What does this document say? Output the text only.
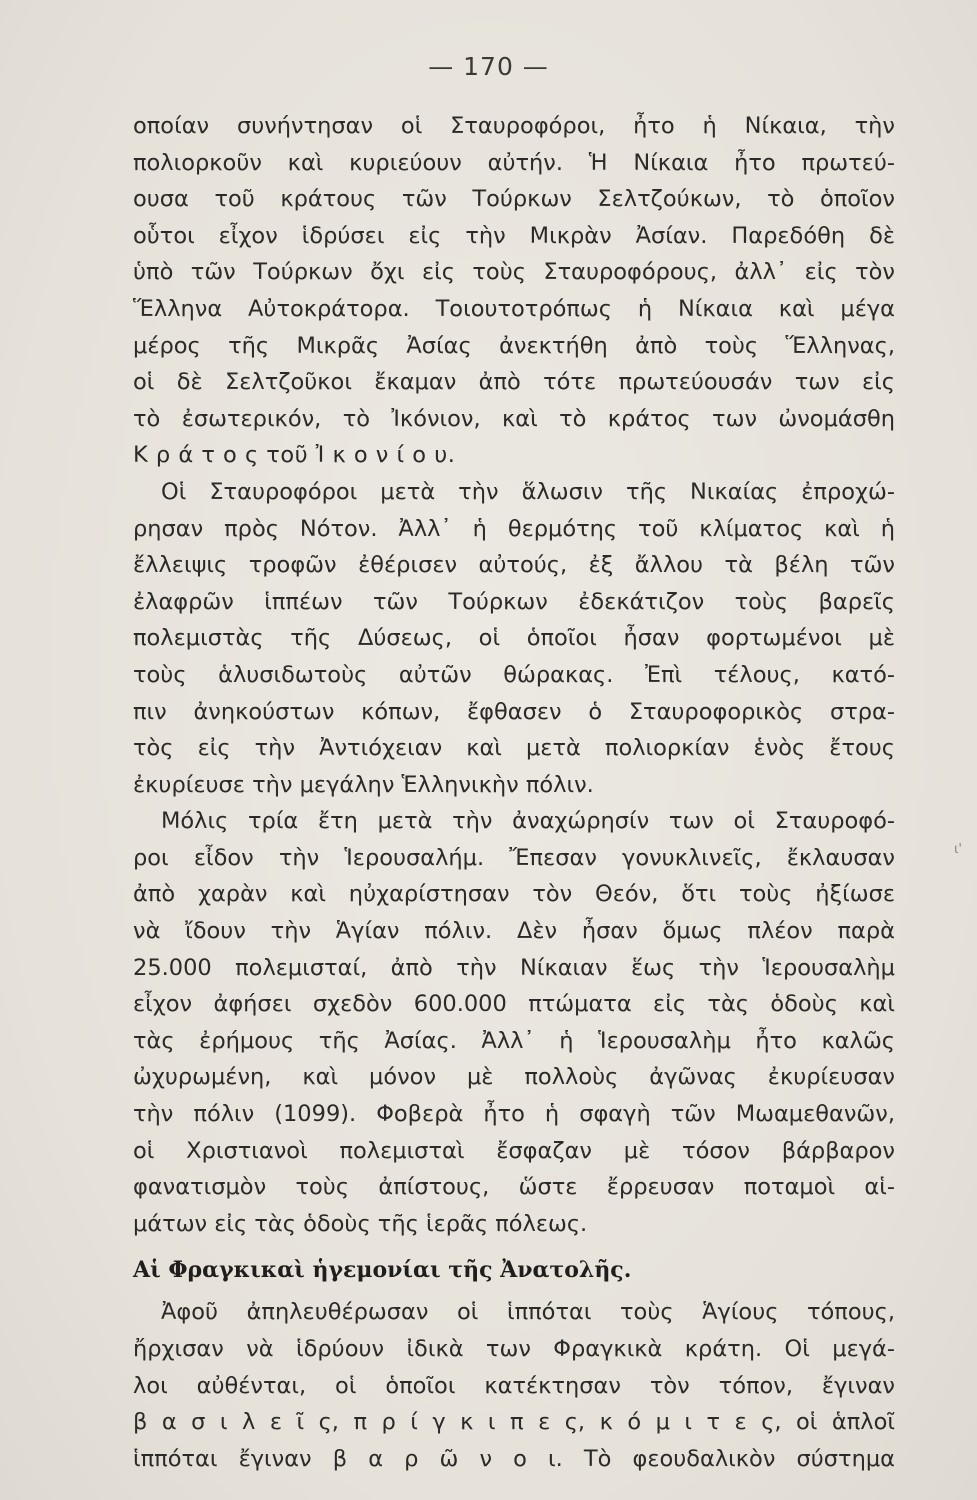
— 170 —
οποίαν συνήντησαν οἱ Σταυροφόροι, ἦτο ἡ Νίκαια, τὴν
πολιορκοῦν καὶ κυριεύουν αὐτήν. Ἡ Νίκαια ἦτο πρωτεύ-
ουσα τοῦ κράτους τῶν Τούρκων Σελτζούκων, τὸ ὁποῖον
οὗτοι εἶχον ἱδρύσει εἰς τὴν Μικρὰν Ἀσίαν. Παρεδόθη δὲ
ὑπὸ τῶν Τούρκων ὄχι εἰς τοὺς Σταυροφόρους, ἀλλ᾽ εἰς τὸν
Ἕλληνα Αὐτοκράτορα. Τοιουτοτρόπως ἡ Νίκαια καὶ μέγα
μέρος τῆς Μικρᾶς Ἀσίας ἀνεκτήθη ἀπὸ τοὺς Ἕλληνας,
οἱ δὲ Σελτζοῦκοι ἔκαμαν ἀπὸ τότε πρωτεύουσάν των εἰς
τὸ ἐσωτερικόν, τὸ Ἰκόνιον, καὶ τὸ κράτος των ὠνομάσθη
Κ ρ ά τ ο ς τοῦ Ἰ κ ο ν ί ο υ.
Οἱ Σταυροφόροι μετὰ τὴν ἅλωσιν τῆς Νικαίας ἐπροχώ-
ρησαν πρὸς Νότον. Ἀλλ᾽ ἡ θερμότης τοῦ κλίματος καὶ ἡ
ἔλλειψις τροφῶν ἐθέρισεν αὐτούς, ἐξ ἄλλου τὰ βέλη τῶν
ἐλαφρῶν ἱππέων τῶν Τούρκων ἐδεκάτιζον τοὺς βαρεῖς
πολεμιστὰς τῆς Δύσεως, οἱ ὁποῖοι ἦσαν φορτωμένοι μὲ
τοὺς ἁλυσιδωτοὺς αὐτῶν θώρακας. Ἐπὶ τέλους, κατό-
πιν ἀνηκούστων κόπων, ἔφθασεν ὁ Σταυροφορικὸς στρα-
τὸς εἰς τὴν Ἀντιόχειαν καὶ μετὰ πολιορκίαν ἑνὸς ἔτους
ἐκυρίευσε τὴν μεγάλην Ἑλληνικὴν πόλιν.
Μόλις τρία ἔτη μετὰ τὴν ἀναχώρησίν των οἱ Σταυροφό-
ροι εἶδον τὴν Ἱερουσαλήμ. Ἔπεσαν γονυκλινεῖς, ἔκλαυσαν
ἀπὸ χαρὰν καὶ ηὐχαρίστησαν τὸν Θεόν, ὅτι τοὺς ἠξίωσε
νὰ ἴδουν τὴν Ἁγίαν πόλιν. Δὲν ἦσαν ὅμως πλέον παρὰ
25.000 πολεμισταί, ἀπὸ τὴν Νίκαιαν ἕως τὴν Ἱερουσαλὴμ
εἶχον ἀφήσει σχεδὸν 600.000 πτώματα εἰς τὰς ὁδοὺς καὶ
τὰς ἐρήμους τῆς Ἀσίας. Ἀλλ᾽ ἡ Ἱερουσαλὴμ ἦτο καλῶς
ὠχυρωμένη, καὶ μόνον μὲ πολλοὺς ἀγῶνας ἐκυρίευσαν
τὴν πόλιν (1099). Φοβερὰ ἦτο ἡ σφαγὴ τῶν Μωαμεθανῶν,
οἱ Χριστιανοὶ πολεμισταὶ ἔσφαζαν μὲ τόσον βάρβαρον
φανατισμὸν τοὺς ἀπίστους, ὥστε ἔρρευσαν ποταμοὶ αἱ-
μάτων εἰς τὰς ὁδοὺς τῆς ἱερᾶς πόλεως.
Αἱ Φραγκικαὶ ἡγεμονίαι τῆς Ἀνατολῆς.
Ἀφοῦ ἀπηλευθέρωσαν οἱ ἱππόται τοὺς Ἁγίους τόπους,
ἤρχισαν νὰ ἱδρύουν ἰδικὰ των Φραγκικὰ κράτη. Οἱ μεγά-
λοι αὐθένται, οἱ ὁποῖοι κατέκτησαν τὸν τόπον, ἔγιναν
β α σ ι λ ε ῖ ς, π ρ ί γ κ ι π ε ς, κ ό μ ι τ ε ς, οἱ ἁπλοῖ
ἱππόται ἔγιναν β α ρ ῶ ν ο ι. Τὸ φεουδαλικὸν σύστημα
ι'
